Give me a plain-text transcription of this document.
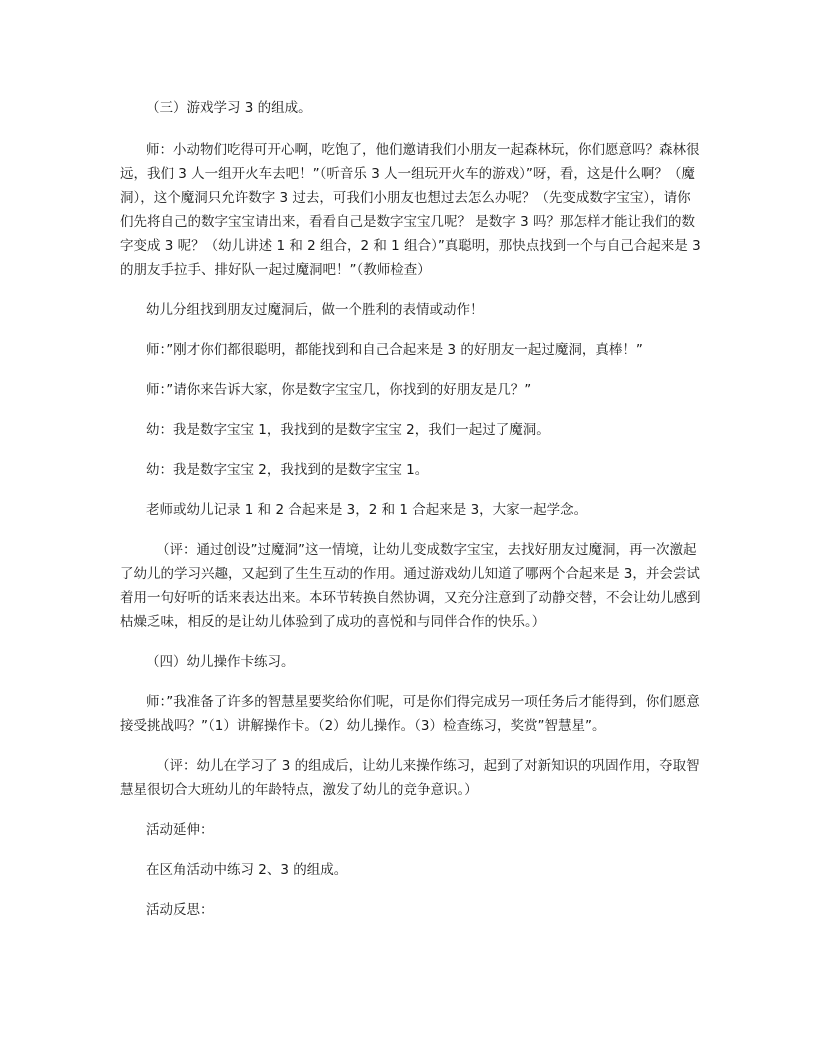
（三）游戏学习 3 的组成。

师：小动物们吃得可开心啊，吃饱了，他们邀请我们小朋友一起森林玩，你们愿意吗？森林很远，我们 3 人一组开火车去吧！”（听音乐 3 人一组玩开火车的游戏）”呀，看，这是什么啊？（魔洞），这个魔洞只允许数字 3 过去，可我们小朋友也想过去怎么办呢？（先变成数字宝宝），请你们先将自己的数字宝宝请出来，看看自己是数字宝宝几呢？ 是数字 3 吗？那怎样才能让我们的数字变成 3 呢？（幼儿讲述 1 和 2 组合，2 和 1 组合）”真聪明，那快点找到一个与自己合起来是 3 的朋友手拉手、排好队一起过魔洞吧！”（教师检查）

幼儿分组找到朋友过魔洞后，做一个胜利的表情或动作！

师：”刚才你们都很聪明，都能找到和自己合起来是 3 的好朋友一起过魔洞，真棒！”

师：”请你来告诉大家，你是数字宝宝几，你找到的好朋友是几？”

幼：我是数字宝宝 1，我找到的是数字宝宝 2，我们一起过了魔洞。

幼：我是数字宝宝 2，我找到的是数字宝宝 1。

老师或幼儿记录 1 和 2 合起来是 3，2 和 1 合起来是 3，大家一起学念。

（评：通过创设”过魔洞”这一情境，让幼儿变成数字宝宝，去找好朋友过魔洞，再一次激起了幼儿的学习兴趣，又起到了生生互动的作用。通过游戏幼儿知道了哪两个合起来是 3，并会尝试着用一句好听的话来表达出来。本环节转换自然协调，又充分注意到了动静交替，不会让幼儿感到枯燥乏味，相反的是让幼儿体验到了成功的喜悦和与同伴合作的快乐。）

（四）幼儿操作卡练习。

师：”我准备了许多的智慧星要奖给你们呢，可是你们得完成另一项任务后才能得到，你们愿意接受挑战吗？”（1）讲解操作卡。（2）幼儿操作。（3）检查练习，奖赏”智慧星”。

（评：幼儿在学习了 3 的组成后，让幼儿来操作练习，起到了对新知识的巩固作用，夺取智慧星很切合大班幼儿的年龄特点，激发了幼儿的竞争意识。）

活动延伸：

在区角活动中练习 2、3 的组成。

活动反思：
